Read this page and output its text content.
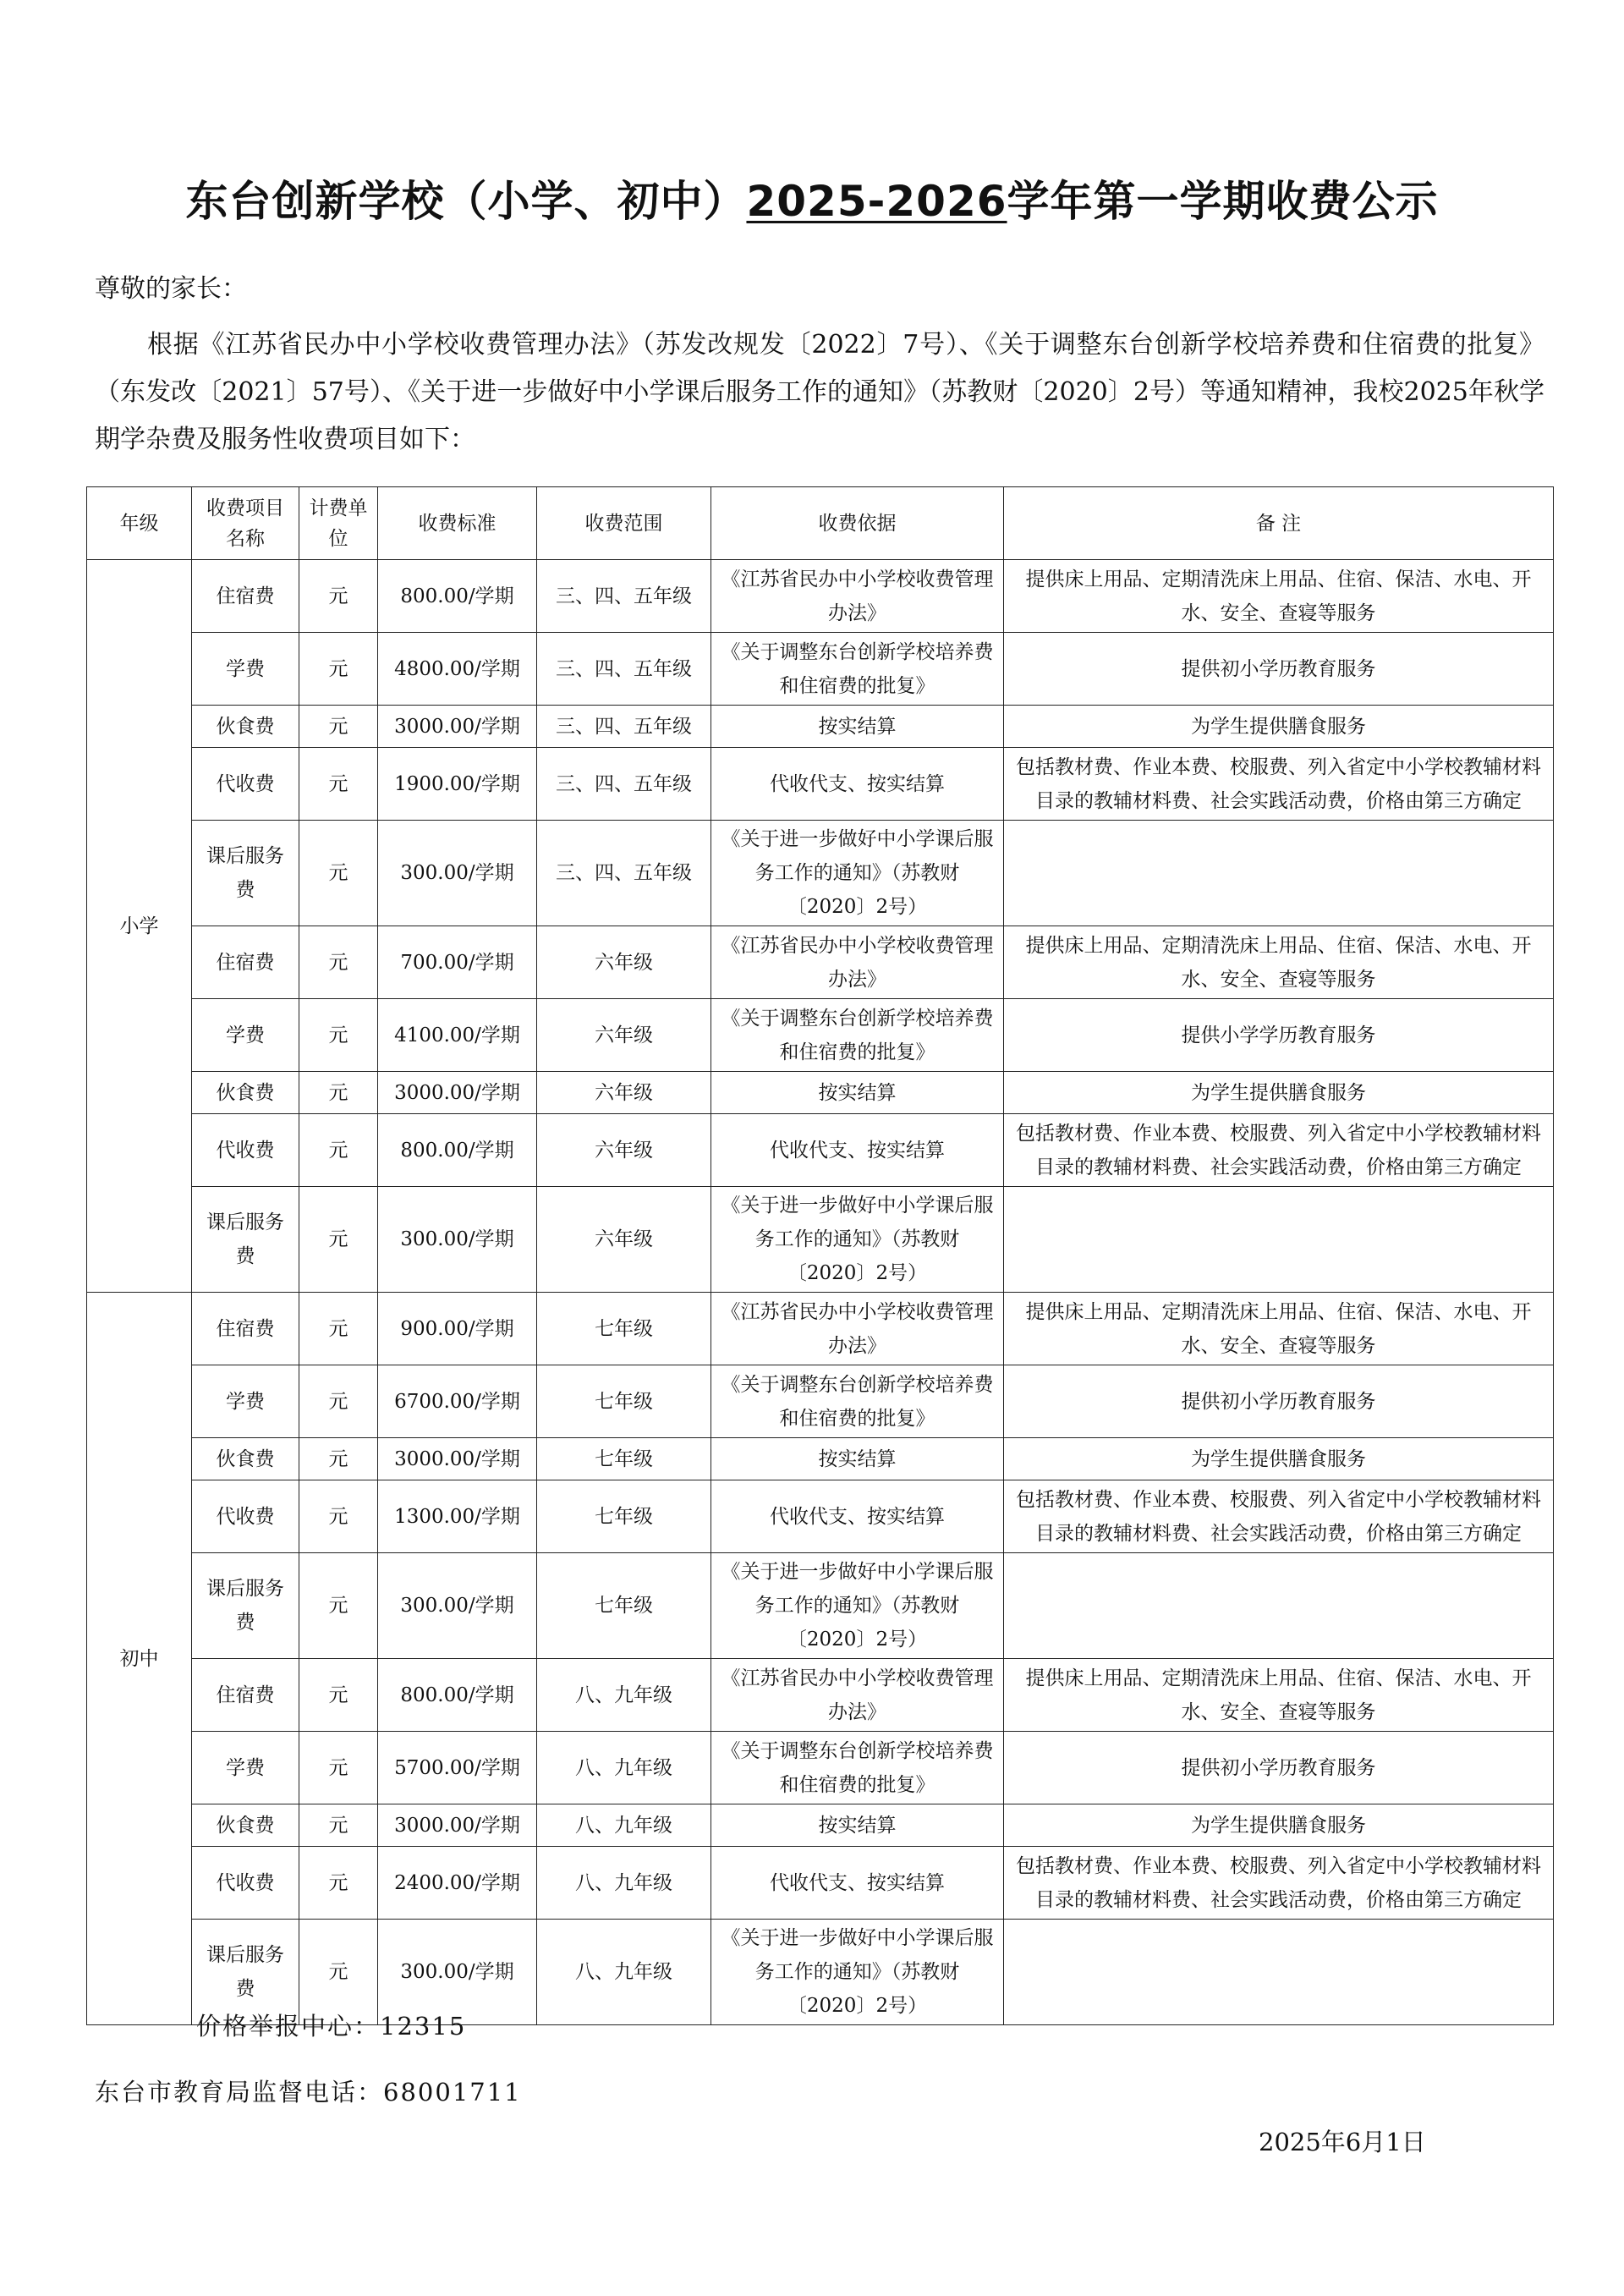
东台创新学校（小学、初中）2025-2026学年第一学期收费公示
尊敬的家长：
根据《江苏省民办中小学校收费管理办法》（苏发改规发〔2022〕7号）、《关于调整东台创新学校培养费和住宿费的批复》（东发改〔2021〕57号）、《关于进一步做好中小学课后服务工作的通知》（苏教财〔2020〕2号）等通知精神，我校2025年秋学期学杂费及服务性收费项目如下：
年级	收费项目名称	计费单位	收费标准	收费范围	收费依据	备 注
小学	住宿费	元	800.00/学期	三、四、五年级	《江苏省民办中小学校收费管理办法》	提供床上用品、定期清洗床上用品、住宿、保洁、水电、开水、安全、查寝等服务
	学费	元	4800.00/学期	三、四、五年级	《关于调整东台创新学校培养费和住宿费的批复》	提供初小学历教育服务
	伙食费	元	3000.00/学期	三、四、五年级	按实结算	为学生提供膳食服务
	代收费	元	1900.00/学期	三、四、五年级	代收代支、按实结算	包括教材费、作业本费、校服费、列入省定中小学校教辅材料目录的教辅材料费、社会实践活动费，价格由第三方确定
	课后服务费	元	300.00/学期	三、四、五年级	《关于进一步做好中小学课后服务工作的通知》（苏教财〔2020〕2号）	
	住宿费	元	700.00/学期	六年级	《江苏省民办中小学校收费管理办法》	提供床上用品、定期清洗床上用品、住宿、保洁、水电、开水、安全、查寝等服务
	学费	元	4100.00/学期	六年级	《关于调整东台创新学校培养费和住宿费的批复》	提供小学学历教育服务
	伙食费	元	3000.00/学期	六年级	按实结算	为学生提供膳食服务
	代收费	元	800.00/学期	六年级	代收代支、按实结算	包括教材费、作业本费、校服费、列入省定中小学校教辅材料目录的教辅材料费、社会实践活动费，价格由第三方确定
	课后服务费	元	300.00/学期	六年级	《关于进一步做好中小学课后服务工作的通知》（苏教财〔2020〕2号）	
初中	住宿费	元	900.00/学期	七年级	《江苏省民办中小学校收费管理办法》	提供床上用品、定期清洗床上用品、住宿、保洁、水电、开水、安全、查寝等服务
	学费	元	6700.00/学期	七年级	《关于调整东台创新学校培养费和住宿费的批复》	提供初小学历教育服务
	伙食费	元	3000.00/学期	七年级	按实结算	为学生提供膳食服务
	代收费	元	1300.00/学期	七年级	代收代支、按实结算	包括教材费、作业本费、校服费、列入省定中小学校教辅材料目录的教辅材料费、社会实践活动费，价格由第三方确定
	课后服务费	元	300.00/学期	七年级	《关于进一步做好中小学课后服务工作的通知》（苏教财〔2020〕2号）	
	住宿费	元	800.00/学期	八、九年级	《江苏省民办中小学校收费管理办法》	提供床上用品、定期清洗床上用品、住宿、保洁、水电、开水、安全、查寝等服务
	学费	元	5700.00/学期	八、九年级	《关于调整东台创新学校培养费和住宿费的批复》	提供初小学历教育服务
	伙食费	元	3000.00/学期	八、九年级	按实结算	为学生提供膳食服务
	代收费	元	2400.00/学期	八、九年级	代收代支、按实结算	包括教材费、作业本费、校服费、列入省定中小学校教辅材料目录的教辅材料费、社会实践活动费，价格由第三方确定
	课后服务费	元	300.00/学期	八、九年级	《关于进一步做好中小学课后服务工作的通知》（苏教财〔2020〕2号）	
价格举报中心：12315
东台市教育局监督电话：68001711
2025年6月1日
